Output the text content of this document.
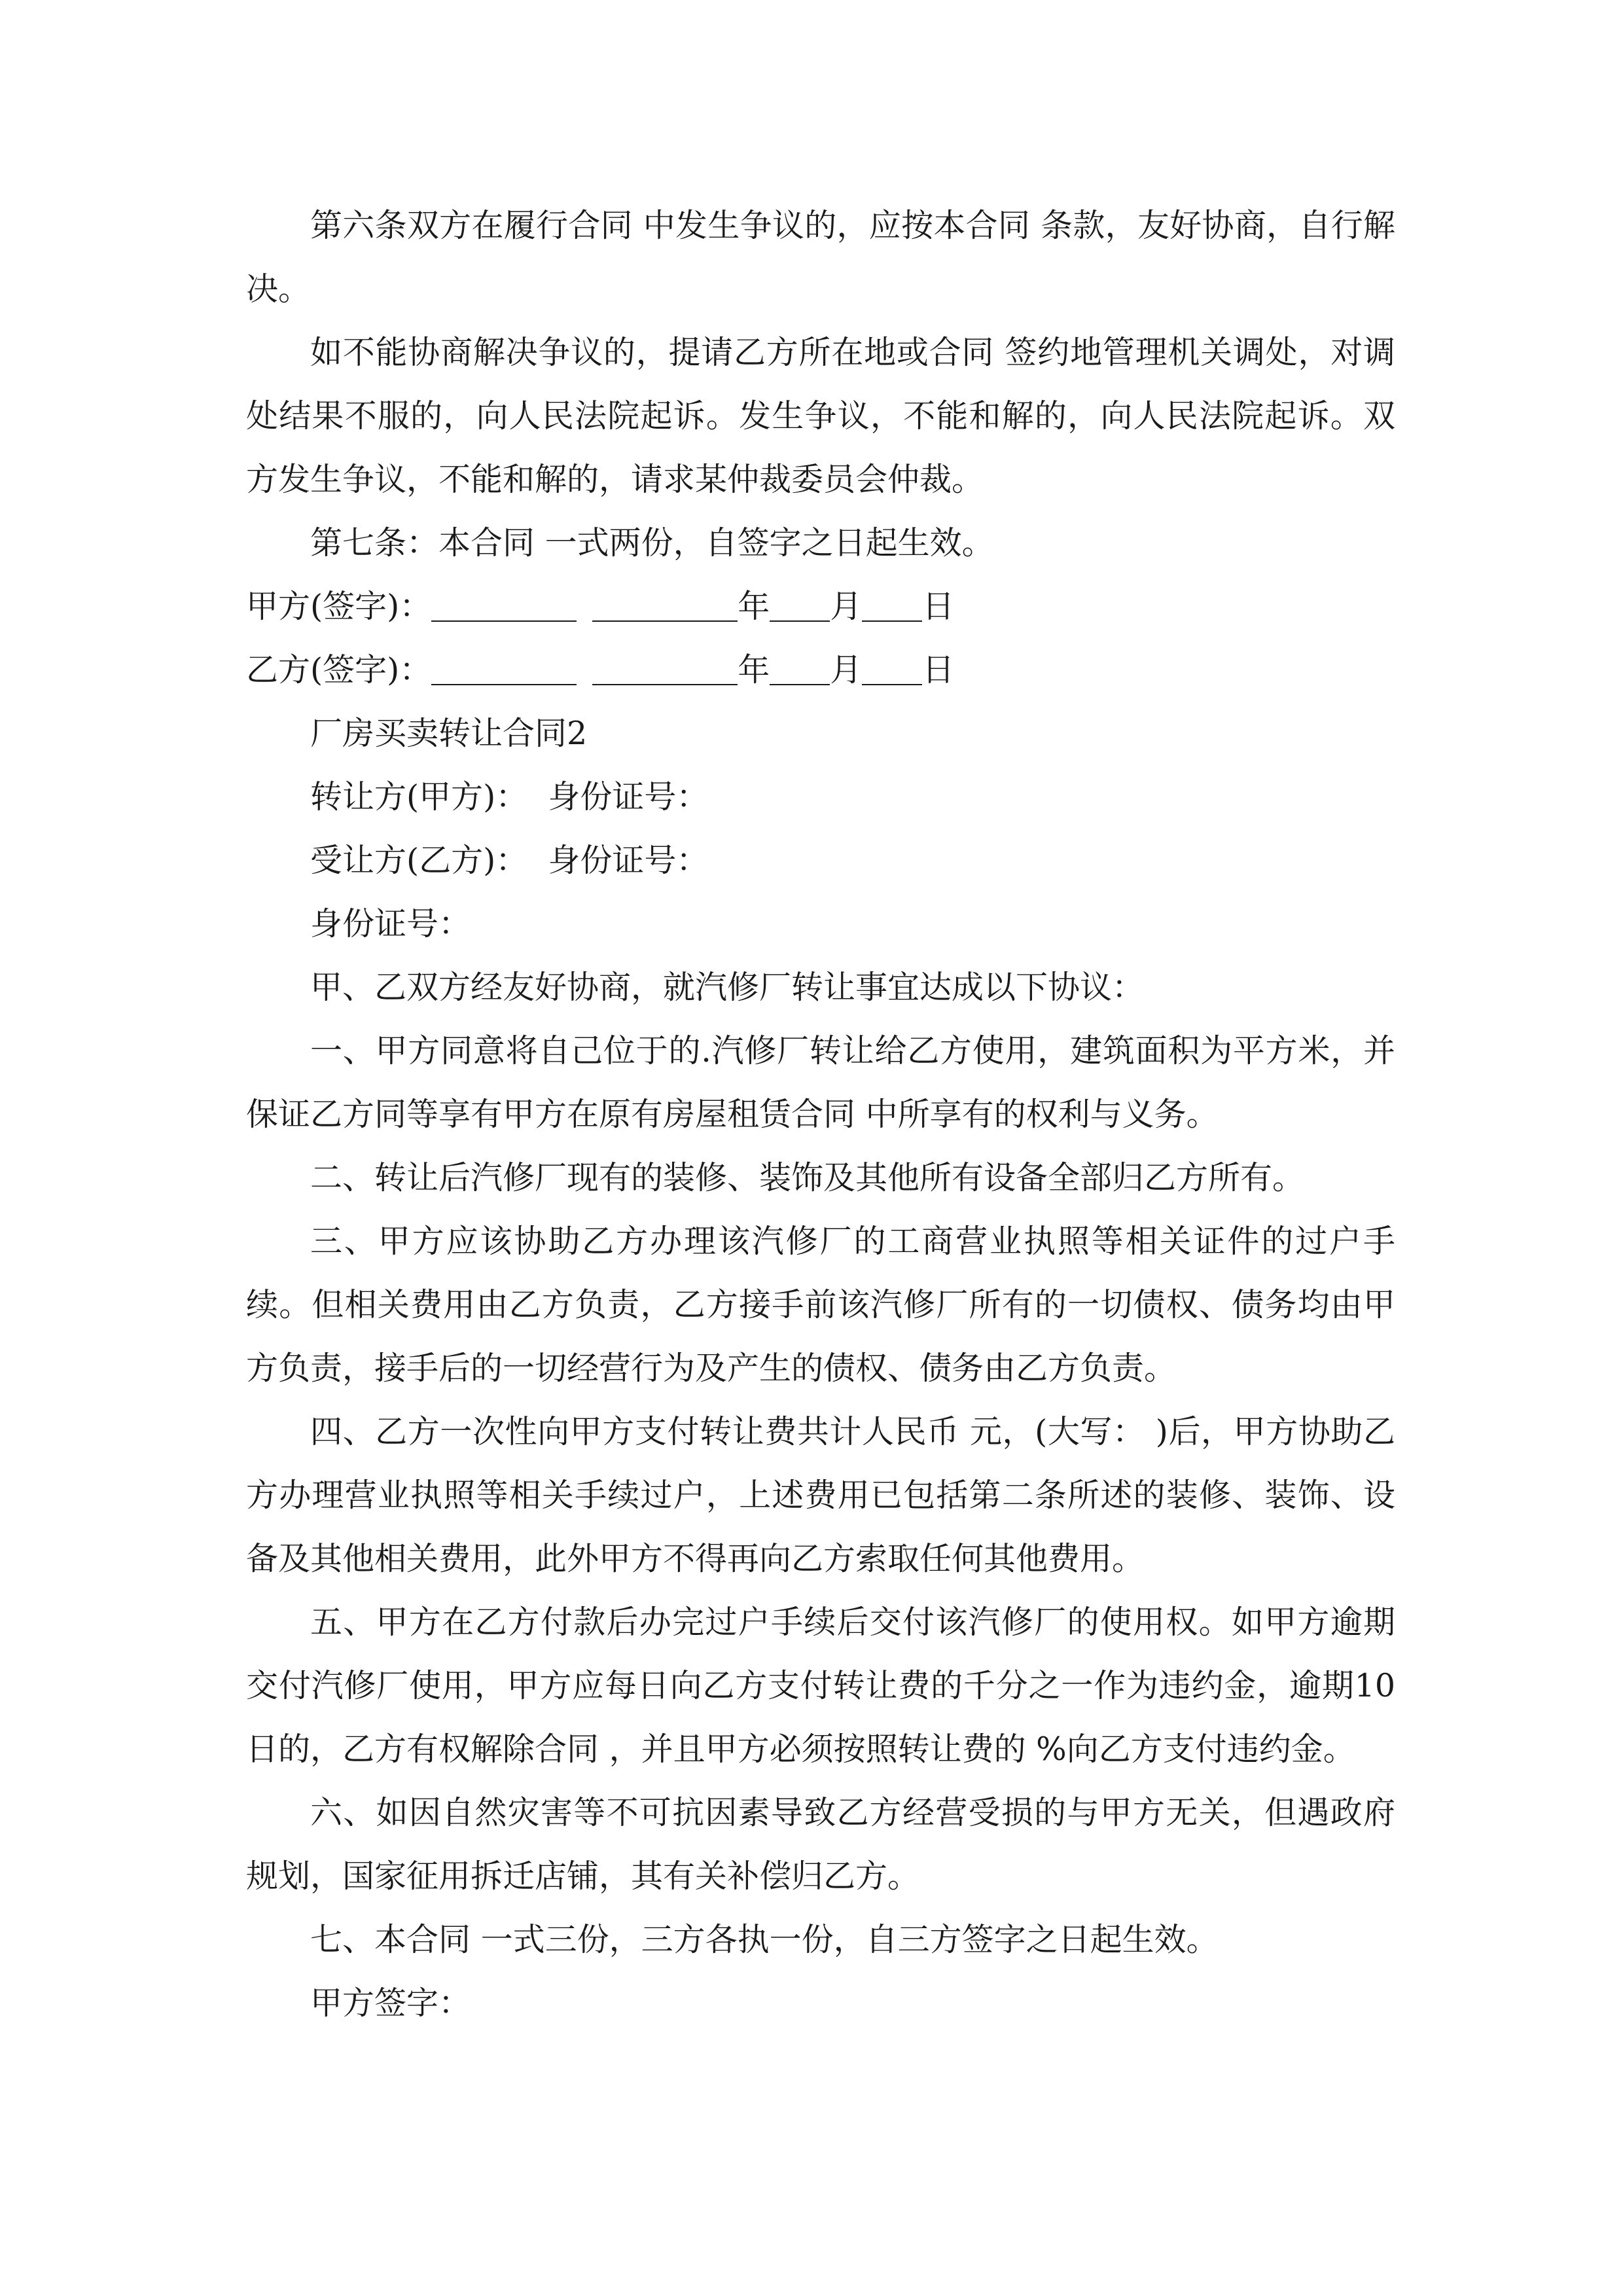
第六条双方在履行合同 中发生争议的，应按本合同 条款，友好协商，自行解决。

如不能协商解决争议的，提请乙方所在地或合同 签约地管理机关调处，对调处结果不服的，向人民法院起诉。发生争议，不能和解的，向人民法院起诉。双方发生争议，不能和解的，请求某仲裁委员会仲裁。

第七条：本合同 一式两份，自签字之日起生效。

甲方(签字)：	年 月 日

乙方(签字)：	年 月 日

厂房买卖转让合同2

转让方(甲方)：  身份证号：

受让方(乙方)：  身份证号：

身份证号：

甲、乙双方经友好协商，就汽修厂转让事宜达成以下协议：

一、甲方同意将自己位于的.汽修厂转让给乙方使用，建筑面积为平方米，并保证乙方同等享有甲方在原有房屋租赁合同 中所享有的权利与义务。

二、转让后汽修厂现有的装修、装饰及其他所有设备全部归乙方所有。

三、甲方应该协助乙方办理该汽修厂的工商营业执照等相关证件的过户手续。但相关费用由乙方负责，乙方接手前该汽修厂所有的一切债权、债务均由甲方负责，接手后的一切经营行为及产生的债权、债务由乙方负责。

四、乙方一次性向甲方支付转让费共计人民币 元，(大写： )后，甲方协助乙方办理营业执照等相关手续过户，上述费用已包括第二条所述的装修、装饰、设备及其他相关费用，此外甲方不得再向乙方索取任何其他费用。

五、甲方在乙方付款后办完过户手续后交付该汽修厂的使用权。如甲方逾期交付汽修厂使用，甲方应每日向乙方支付转让费的千分之一作为违约金，逾期10日的，乙方有权解除合同 ，并且甲方必须按照转让费的 %向乙方支付违约金。

六、如因自然灾害等不可抗因素导致乙方经营受损的与甲方无关，但遇政府规划，国家征用拆迁店铺，其有关补偿归乙方。

七、本合同 一式三份，三方各执一份，自三方签字之日起生效。

甲方签字：
